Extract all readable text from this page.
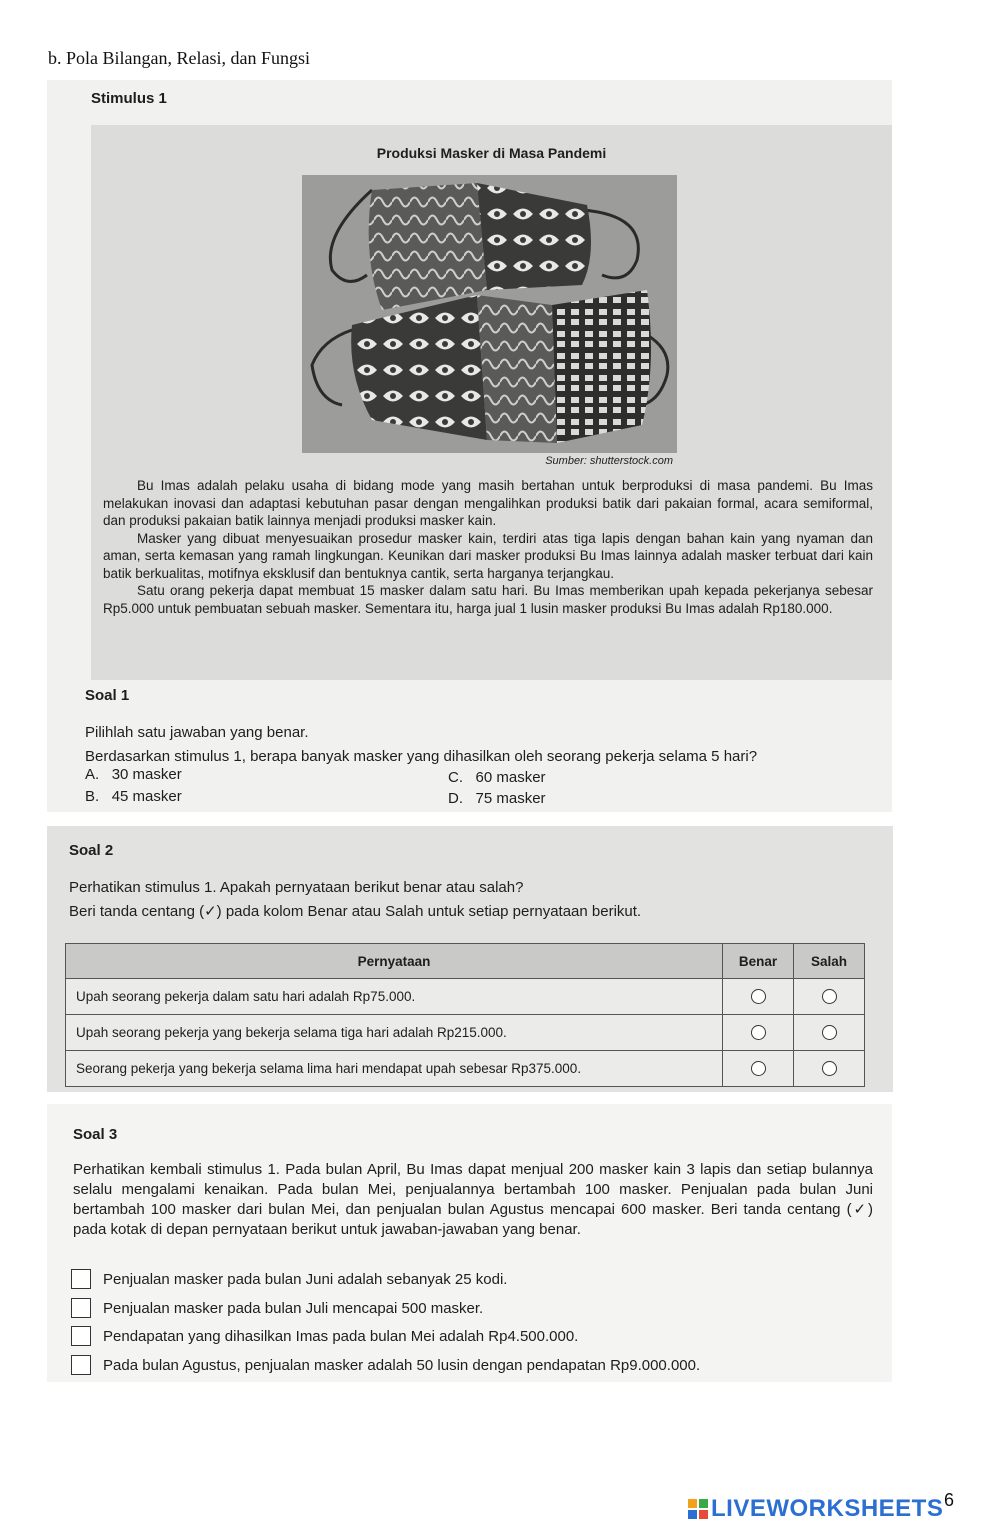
b. Pola Bilangan, Relasi, dan Fungsi
Stimulus 1
Produksi Masker di Masa Pandemi
Sumber: shutterstock.com

Bu Imas adalah pelaku usaha di bidang mode yang masih bertahan untuk berproduksi di masa pandemi. Bu Imas melakukan inovasi dan adaptasi kebutuhan pasar dengan mengalihkan produksi batik dari pakaian formal, acara semiformal, dan produksi pakaian batik lainnya menjadi produksi masker kain.

Masker yang dibuat menyesuaikan prosedur masker kain, terdiri atas tiga lapis dengan bahan kain yang nyaman dan aman, serta kemasan yang ramah lingkungan. Keunikan dari masker produksi Bu Imas lainnya adalah masker terbuat dari kain batik berkualitas, motifnya eksklusif dan bentuknya cantik, serta harganya terjangkau.

Satu orang pekerja dapat membuat 15 masker dalam satu hari. Bu Imas memberikan upah kepada pekerjanya sebesar Rp5.000 untuk pembuatan sebuah masker. Sementara itu, harga jual 1 lusin masker produksi Bu Imas adalah Rp180.000.

Soal 1
Pilihlah satu jawaban yang benar.
Berdasarkan stimulus 1, berapa banyak masker yang dihasilkan oleh seorang pekerja selama 5 hari?
A. 30 masker
B. 45 masker
C. 60 masker
D. 75 masker
Soal 2
Perhatikan stimulus 1. Apakah pernyataan berikut benar atau salah?
Beri tanda centang (✓) pada kolom Benar atau Salah untuk setiap pernyataan berikut.
Pernyataan	Benar	Salah
Upah seorang pekerja dalam satu hari adalah Rp75.000.		
Upah seorang pekerja yang bekerja selama tiga hari adalah Rp215.000.		
Seorang pekerja yang bekerja selama lima hari mendapat upah sebesar Rp375.000.		
Soal 3
Perhatikan kembali stimulus 1. Pada bulan April, Bu Imas dapat menjual 200 masker kain 3 lapis dan setiap bulannya selalu mengalami kenaikan. Pada bulan Mei, penjualannya bertambah 100 masker. Penjualan pada bulan Juni bertambah 100 masker dari bulan Mei, dan penjualan bulan Agustus mencapai 600 masker. Beri tanda centang (✓) pada kotak di depan pernyataan berikut untuk jawaban-jawaban yang benar.
Penjualan masker pada bulan Juni adalah sebanyak 25 kodi.
Penjualan masker pada bulan Juli mencapai 500 masker.
Pendapatan yang dihasilkan Imas pada bulan Mei adalah Rp4.500.000.
Pada bulan Agustus, penjualan masker adalah 50 lusin dengan pendapatan Rp9.000.000.
LIVEWORKSHEETS 6
